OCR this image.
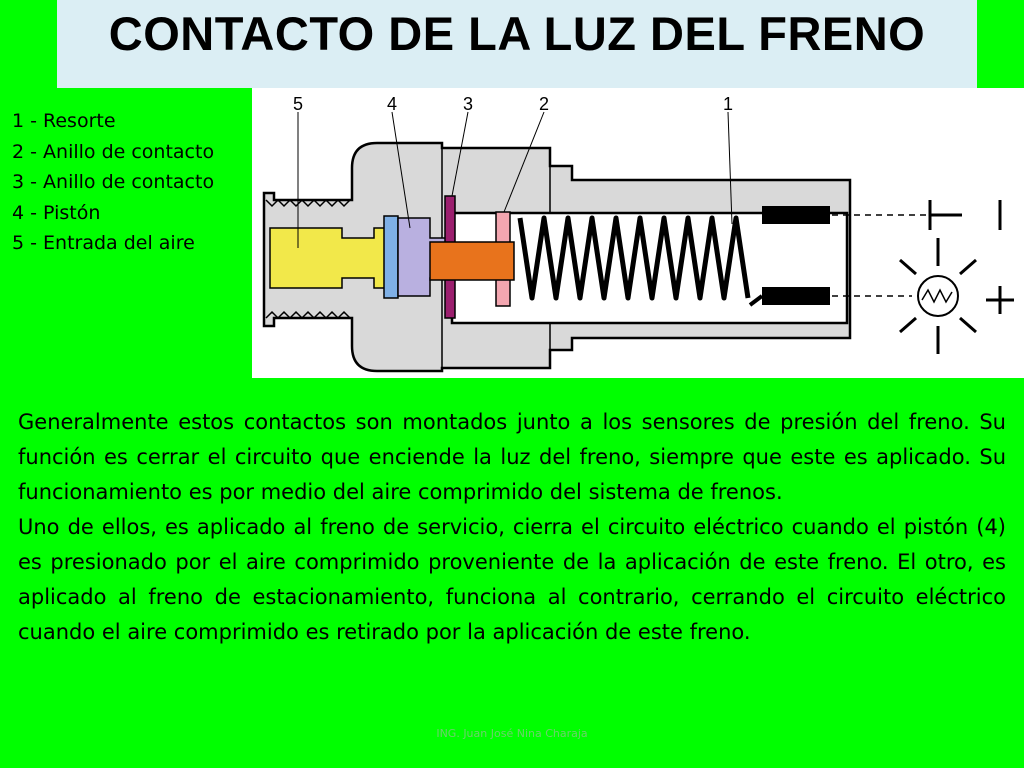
CONTACTO DE LA LUZ DEL FRENO
1 - Resorte
2 - Anillo de contacto
3 - Anillo de contacto
4 - Pistón
5 - Entrada del aire
5	4	3	2	1

Generalmente estos contactos son montados junto a los sensores de presión del freno. Su función es cerrar el circuito que enciende la luz del freno, siempre que este es aplicado. Su funcionamiento es por medio del aire comprimido del sistema de frenos.

Uno de ellos, es aplicado al freno de servicio, cierra el circuito eléctrico cuando el pistón (4) es presionado por el aire comprimido proveniente de la aplicación de este freno. El otro, es aplicado al freno de estacionamiento, funciona al contrario, cerrando el circuito eléctrico cuando el aire comprimido es retirado por la aplicación de este freno.

ING. Juan José Nina Charaja
